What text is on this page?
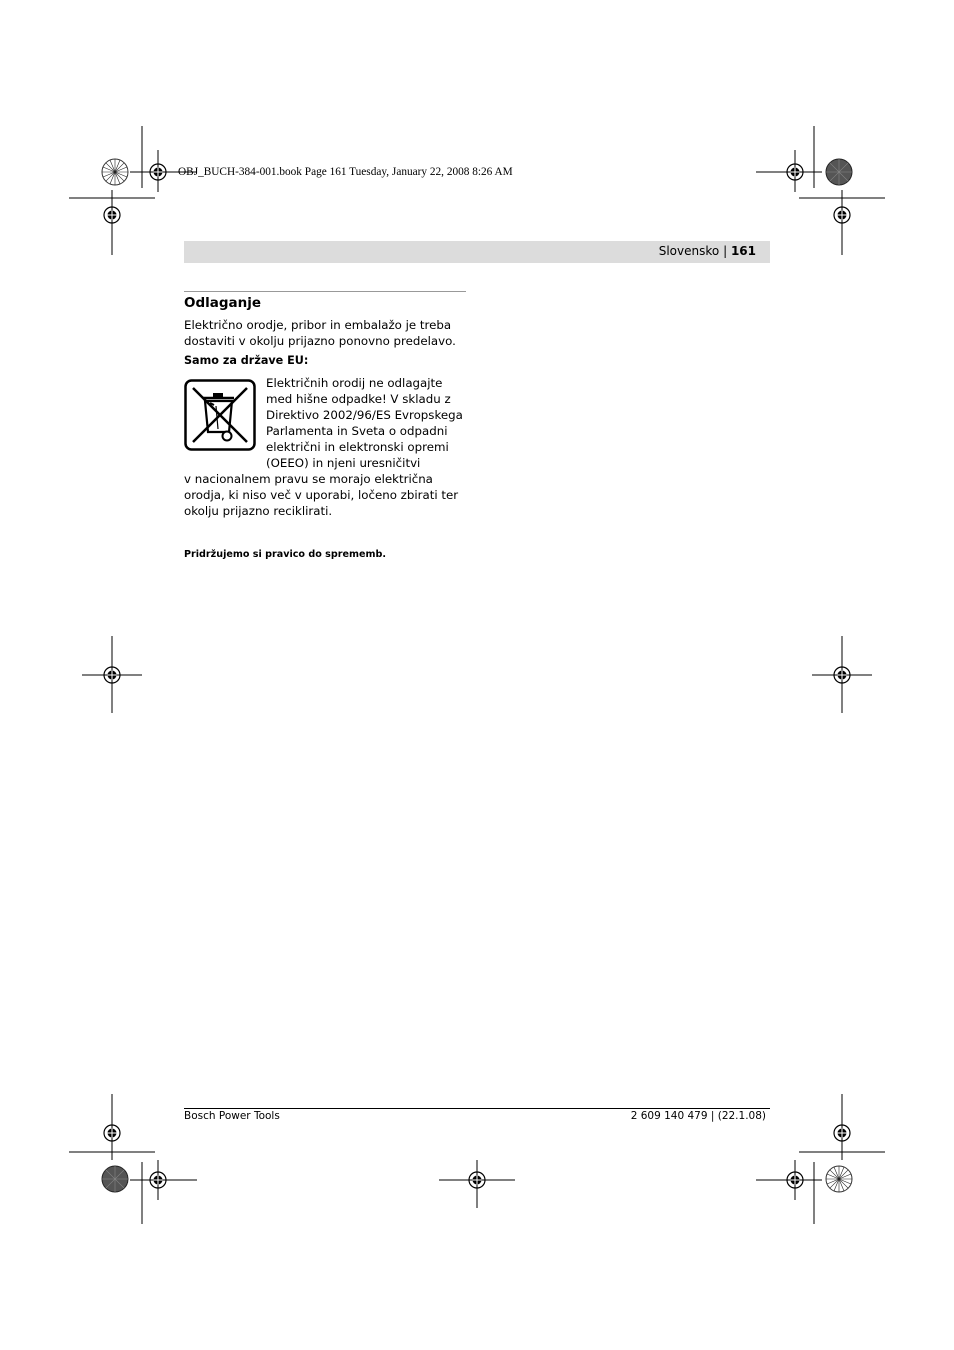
OBJ_BUCH-384-001.book Page 161 Tuesday, January 22, 2008 8:26 AM
Slovensko | 161
Odlaganje
Električno orodje, pribor in embalažo je treba dostaviti v okolju prijazno ponovno predelavo.
Samo za države EU:
Električnih orodij ne odlagajte med hišne odpadke! V skladu z Direktivo 2002/96/ES Evropskega Parlamenta in Sveta o odpadni električni in elektronski opremi (OEEO) in njeni uresničitvi
v nacionalnem pravu se morajo električna orodja, ki niso več v uporabi, ločeno zbirati ter okolju prijazno reciklirati.
Pridržujemo si pravico do sprememb.
Bosch Power Tools	2 609 140 479 | (22.1.08)
